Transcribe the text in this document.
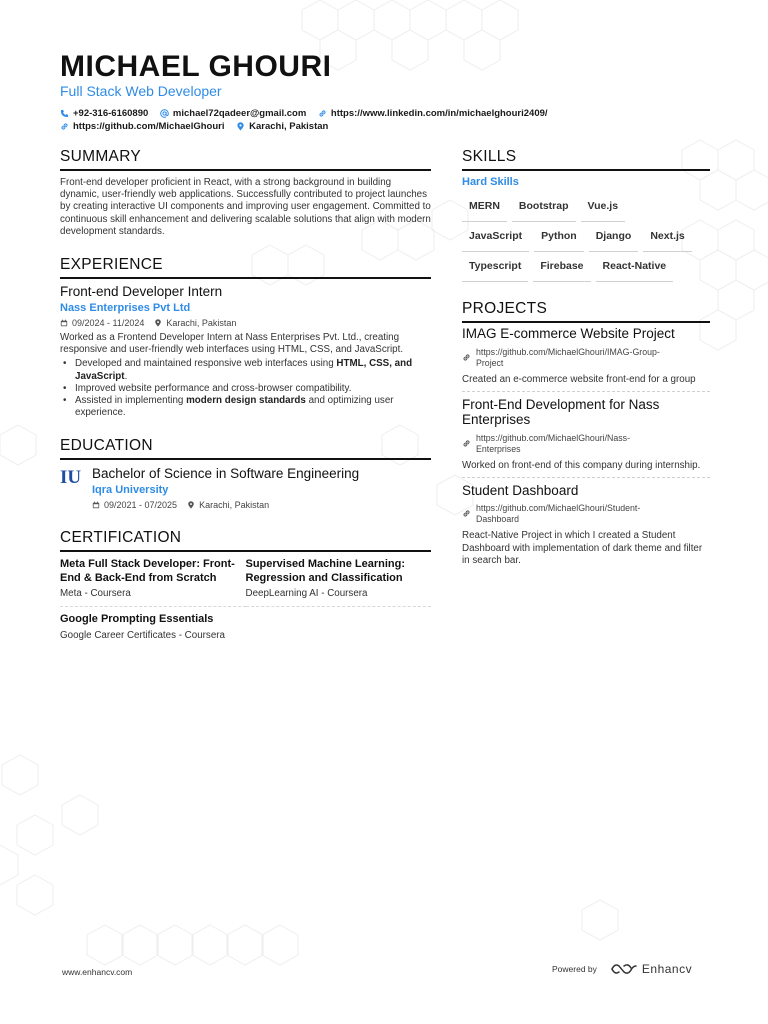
MICHAEL GHOURI
Full Stack Web Developer
+92-316-6160890
	michael72qadeer@gmail.com
	https://www.linkedin.com/in/michaelghouri2409/
https://github.com/MichaelGhouri
	Karachi, Pakistan
SUMMARY
Front-end developer proficient in React, with a strong background in building dynamic, user-friendly web applications. Successfully contributed to project launches by creating interactive UI components and improving user engagement. Committed to continuous skill enhancement and delivering scalable solutions that align with modern development standards.
EXPERIENCE
Front-end Developer Intern
Nass Enterprises Pvt Ltd
09/2024 - 11/2024 Karachi, Pakistan
Worked as a Frontend Developer Intern at Nass Enterprises Pvt. Ltd., creating responsive and user-friendly web interfaces using HTML, CSS, and JavaScript.
• Developed and maintained responsive web interfaces using HTML, CSS, and JavaScript.
• Improved website performance and cross-browser compatibility.
• Assisted in implementing modern design standards and optimizing user experience.
EDUCATION
IU Bachelor of Science in Software Engineering
Iqra University
09/2021 - 07/2025 Karachi, Pakistan
CERTIFICATION
Meta Full Stack Developer: Front-End & Back-End from Scratch
Meta - Coursera
Supervised Machine Learning: Regression and Classification
DeepLearning AI - Coursera
Google Prompting Essentials
Google Career Certificates - Coursera
SKILLS
Hard Skills
MERN	Bootstrap	Vue.js
JavaScript	Python	Django	Next.js
Typescript	Firebase	React-Native
PROJECTS
IMAG E-commerce Website Project
https://github.com/MichaelGhouri/IMAG-Group-
Project
Created an e-commerce website front-end for a group
Front-End Development for Nass Enterprises
https://github.com/MichaelGhouri/Nass-
Enterprises
Worked on front-end of this company during internship.
Student Dashboard
https://github.com/MichaelGhouri/Student-
Dashboard
React-Native Project in which I created a Student Dashboard with implementation of dark theme and filter in search bar.
www.enhancv.com	Powered by	Enhancv
